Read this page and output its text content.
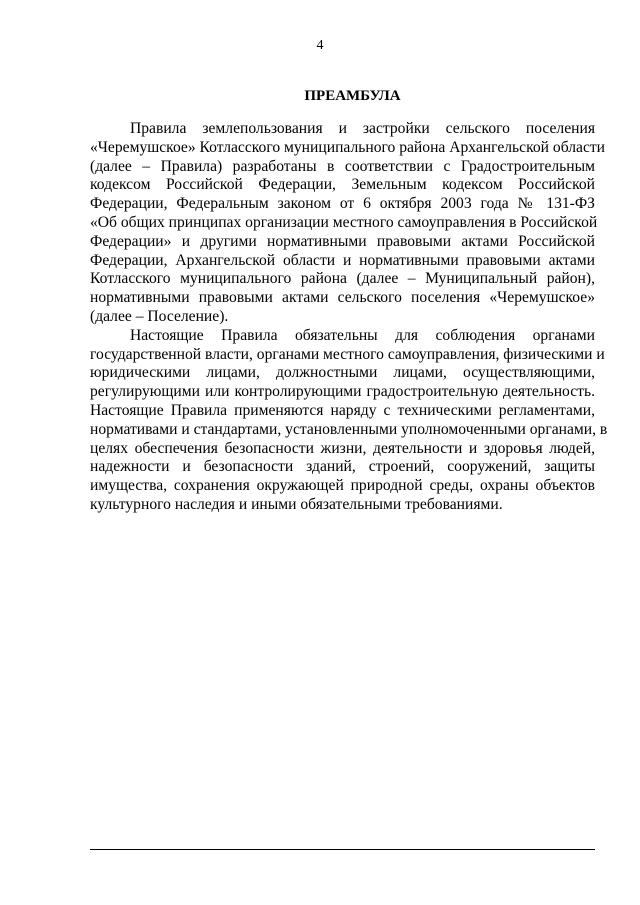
4
ПРЕАМБУЛА
Правила землепользования и застройки сельского поселения
«Черемушское» Котласского муниципального района Архангельской области
(далее – Правила) разработаны в соответствии с Градостроительным
кодексом Российской Федерации, Земельным кодексом Российской
Федерации, Федеральным законом от 6 октября 2003 года № 131-ФЗ
«Об общих принципах организации местного самоуправления в Российской
Федерации» и другими нормативными правовыми актами Российской
Федерации, Архангельской области и нормативными правовыми актами
Котласского муниципального района (далее – Муниципальный район),
нормативными правовыми актами сельского поселения «Черемушское»
(далее – Поселение).
Настоящие Правила обязательны для соблюдения органами
государственной власти, органами местного самоуправления, физическими и
юридическими лицами, должностными лицами, осуществляющими,
регулирующими или контролирующими градостроительную деятельность.
Настоящие Правила применяются наряду с техническими регламентами,
нормативами и стандартами, установленными уполномоченными органами, в
целях обеспечения безопасности жизни, деятельности и здоровья людей,
надежности и безопасности зданий, строений, сооружений, защиты
имущества, сохранения окружающей природной среды, охраны объектов
культурного наследия и иными обязательными требованиями.
